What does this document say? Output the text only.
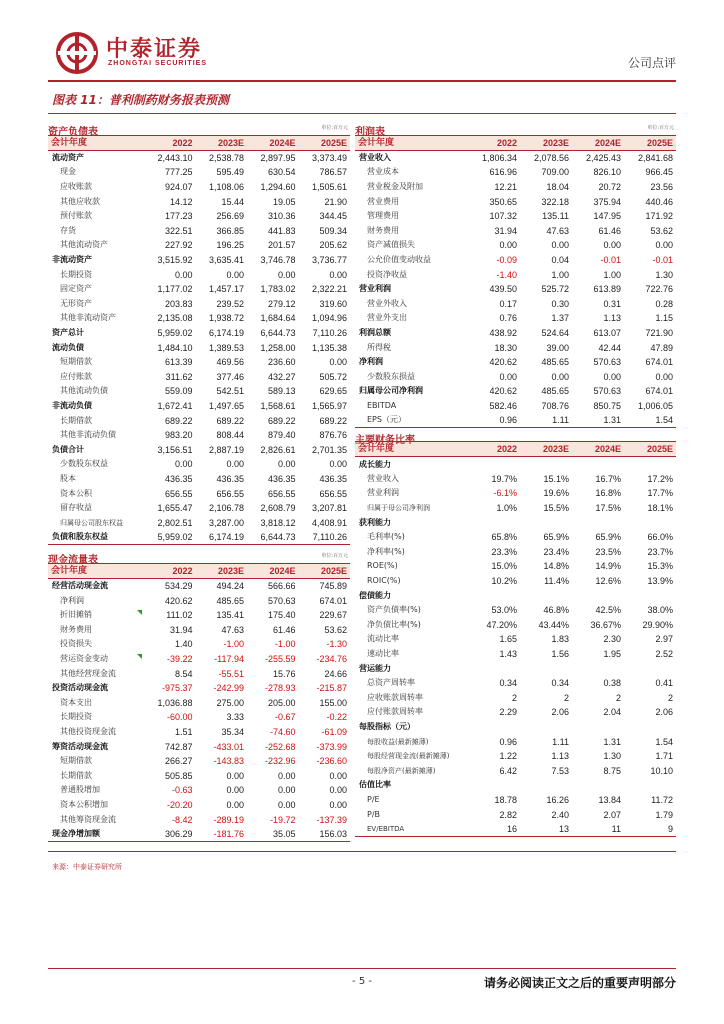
中泰证券
ZHONGTAI SECURITIES	公司点评
图表 11：普利制药财务报表预测
资产负债表	单位:百万元
会计年度	2022	2023E	2024E	2025E
流动资产	2,443.10	2,538.78	2,897.95	3,373.49
现金	777.25	595.49	630.54	786.57
应收账款	924.07	1,108.06	1,294.60	1,505.61
其他应收款	14.12	15.44	19.05	21.90
预付账款	177.23	256.69	310.36	344.45
存货	322.51	366.85	441.83	509.34
其他流动资产	227.92	196.25	201.57	205.62
非流动资产	3,515.92	3,635.41	3,746.78	3,736.77
长期投资	0.00	0.00	0.00	0.00
固定资产	1,177.02	1,457.17	1,783.02	2,322.21
无形资产	203.83	239.52	279.12	319.60
其他非流动资产	2,135.08	1,938.72	1,684.64	1,094.96
资产总计	5,959.02	6,174.19	6,644.73	7,110.26
流动负债	1,484.10	1,389.53	1,258.00	1,135.38
短期借款	613.39	469.56	236.60	0.00
应付账款	311.62	377.46	432.27	505.72
其他流动负债	559.09	542.51	589.13	629.65
非流动负债	1,672.41	1,497.65	1,568.61	1,565.97
长期借款	689.22	689.22	689.22	689.22
其他非流动负债	983.20	808.44	879.40	876.76
负债合计	3,156.51	2,887.19	2,826.61	2,701.35
少数股东权益	0.00	0.00	0.00	0.00
股本	436.35	436.35	436.35	436.35
资本公积	656.55	656.55	656.55	656.55
留存收益	1,655.47	2,106.78	2,608.79	3,207.81
归属母公司股东权益	2,802.51	3,287.00	3,818.12	4,408.91
负债和股东权益	5,959.02	6,174.19	6,644.73	7,110.26
现金流量表	单位:百万元
会计年度	2022	2023E	2024E	2025E
经营活动现金流	534.29	494.24	566.66	745.89
净利润	420.62	485.65	570.63	674.01
折旧摊销	111.02	135.41	175.40	229.67
财务费用	31.94	47.63	61.46	53.62
投资损失	1.40	-1.00	-1.00	-1.30
营运资金变动	-39.22	-117.94	-255.59	-234.76
其他经营现金流	8.54	-55.51	15.76	24.66
投资活动现金流	-975.37	-242.99	-278.93	-215.87
资本支出	1,036.88	275.00	205.00	155.00
长期投资	-60.00	3.33	-0.67	-0.22
其他投资现金流	1.51	35.34	-74.60	-61.09
筹资活动现金流	742.87	-433.01	-252.68	-373.99
短期借款	266.27	-143.83	-232.96	-236.60
长期借款	505.85	0.00	0.00	0.00
普通股增加	-0.63	0.00	0.00	0.00
资本公积增加	-20.20	0.00	0.00	0.00
其他筹资现金流	-8.42	-289.19	-19.72	-137.39
现金净增加额	306.29	-181.76	35.05	156.03
利润表	单位:百万元
会计年度	2022	2023E	2024E	2025E
营业收入	1,806.34	2,078.56	2,425.43	2,841.68
营业成本	616.96	709.00	826.10	966.45
营业税金及附加	12.21	18.04	20.72	23.56
营业费用	350.65	322.18	375.94	440.46
管理费用	107.32	135.11	147.95	171.92
财务费用	31.94	47.63	61.46	53.62
资产减值损失	0.00	0.00	0.00	0.00
公允价值变动收益	-0.09	0.04	-0.01	-0.01
投资净收益	-1.40	1.00	1.00	1.30
营业利润	439.50	525.72	613.89	722.76
营业外收入	0.17	0.30	0.31	0.28
营业外支出	0.76	1.37	1.13	1.15
利润总额	438.92	524.64	613.07	721.90
所得税	18.30	39.00	42.44	47.89
净利润	420.62	485.65	570.63	674.01
少数股东损益	0.00	0.00	0.00	0.00
归属母公司净利润	420.62	485.65	570.63	674.01
EBITDA	582.46	708.76	850.75	1,006.05
EPS（元）	0.96	1.11	1.31	1.54
主要财务比率
会计年度	2022	2023E	2024E	2025E
成长能力				
营业收入	19.7%	15.1%	16.7%	17.2%
营业利润	-6.1%	19.6%	16.8%	17.7%
归属于母公司净利润	1.0%	15.5%	17.5%	18.1%
获利能力				
毛利率(%)	65.8%	65.9%	65.9%	66.0%
净利率(%)	23.3%	23.4%	23.5%	23.7%
ROE(%)	15.0%	14.8%	14.9%	15.3%
ROIC(%)	10.2%	11.4%	12.6%	13.9%
偿债能力				
资产负债率(%)	53.0%	46.8%	42.5%	38.0%
净负债比率(%)	47.20%	43.44%	36.67%	29.90%
流动比率	1.65	1.83	2.30	2.97
速动比率	1.43	1.56	1.95	2.52
营运能力				
总资产周转率	0.34	0.34	0.38	0.41
应收账款周转率	2	2	2	2
应付账款周转率	2.29	2.06	2.04	2.06
每股指标（元）				
每股收益(最新摊薄)	0.96	1.11	1.31	1.54
每股经营现金流(最新摊薄)	1.22	1.13	1.30	1.71
每股净资产(最新摊薄)	6.42	7.53	8.75	10.10
估值比率				
P/E	18.78	16.26	13.84	11.72
P/B	2.82	2.40	2.07	1.79
EV/EBITDA	16	13	11	9
来源：中泰证券研究所
- 5 -	请务必阅读正文之后的重要声明部分
